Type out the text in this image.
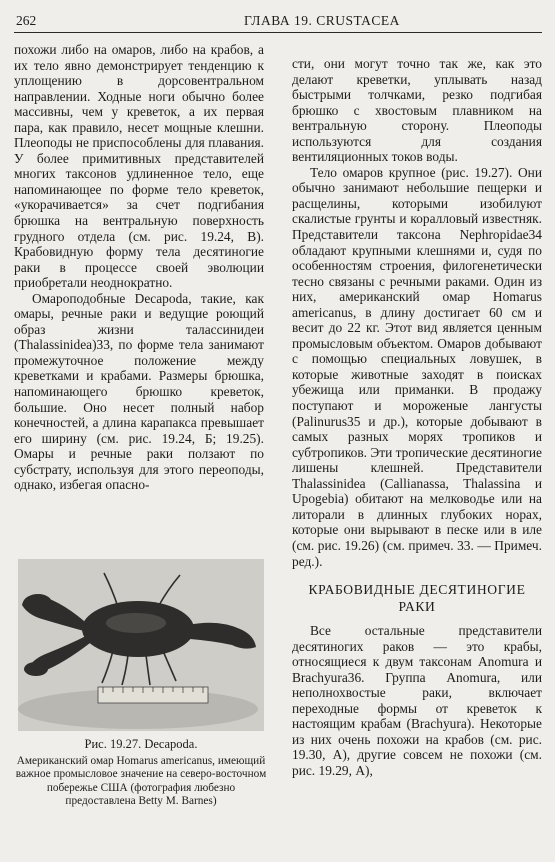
262	ГЛАВА 19. CRUSTACEA

похожи либо на омаров, либо на крабов, а их тело явно демонстрирует тенденцию к уплощению в дорсовентральном направлении. Ходные ноги обычно более массивны, чем у креветок, а их первая пара, как правило, несет мощные клешни. Плеоподы не приспособлены для плавания. У более примитивных представителей многих таксонов удлиненное тело, еще напоминающее по форме тело креветок, «укорачивается» за счет подгибания брюшка на вентральную поверхность грудного отдела (см. рис. 19.24, В). Крабовидную форму тела десятиногие раки в процессе своей эволюции приобретали неоднократно.

Омароподобные Decapoda, такие, как омары, речные раки и ведущие роющий образ жизни талассинидеи (Thalassinidea)33, по форме тела занимают промежуточное положение между креветками и крабами. Размеры брюшка, напоминающего брюшко креветок, большие. Оно несет полный набор конечностей, а длина карапакса превышает его ширину (см. рис. 19.24, Б; 19.25). Омары и речные раки ползают по субстрату, используя для этого переоподы, однако, избегая опасно-

Рис. 19.27. Decapoda.
Американский омар Homarus americanus, имеющий важное промысловое значение на северо-восточном побережье США (фотография любезно предоставлена Betty M. Barnes)

сти, они могут точно так же, как это делают креветки, уплывать назад быстрыми толчками, резко подгибая брюшко с хвостовым плавником на вентральную сторону. Плеоподы используются для создания вентиляционных токов воды.

Тело омаров крупное (рис. 19.27). Они обычно занимают небольшие пещерки и расщелины, которыми изобилуют скалистые грунты и коралловый известняк. Представители таксона Nephropidae34 обладают крупными клешнями и, судя по особенностям строения, филогенетически тесно связаны с речными раками. Один из них, американский омар Homarus americanus, в длину достигает 60 см и весит до 22 кг. Этот вид является ценным промысловым объектом. Омаров добывают с помощью специальных ловушек, в которые животные заходят в поисках убежища или приманки. В продажу поступают и мороженые лангусты (Palinurus35 и др.), которые добывают в самых разных морях тропиков и субтропиков. Эти тропические десятиногие лишены клешней. Представители Thalassinidea (Callianassa, Thalassina и Upogebia) обитают на мелководье или на литорали в длинных глубоких норах, которые они вырывают в песке или в иле (см. рис. 19.26) (см. примеч. 33. — Примеч. ред.).

КРАБОВИДНЫЕ ДЕСЯТИНОГИЕ РАКИ

Все остальные представители десятиногих раков — это крабы, относящиеся к двум таксонам Anomura и Brachyura36. Группа Anomura, или неполнохвостые раки, включает переходные формы от креветок к настоящим крабам (Brachyura). Некоторые из них очень похожи на крабов (см. рис. 19.30, А), другие совсем не похожи (см. рис. 19.29, А),
